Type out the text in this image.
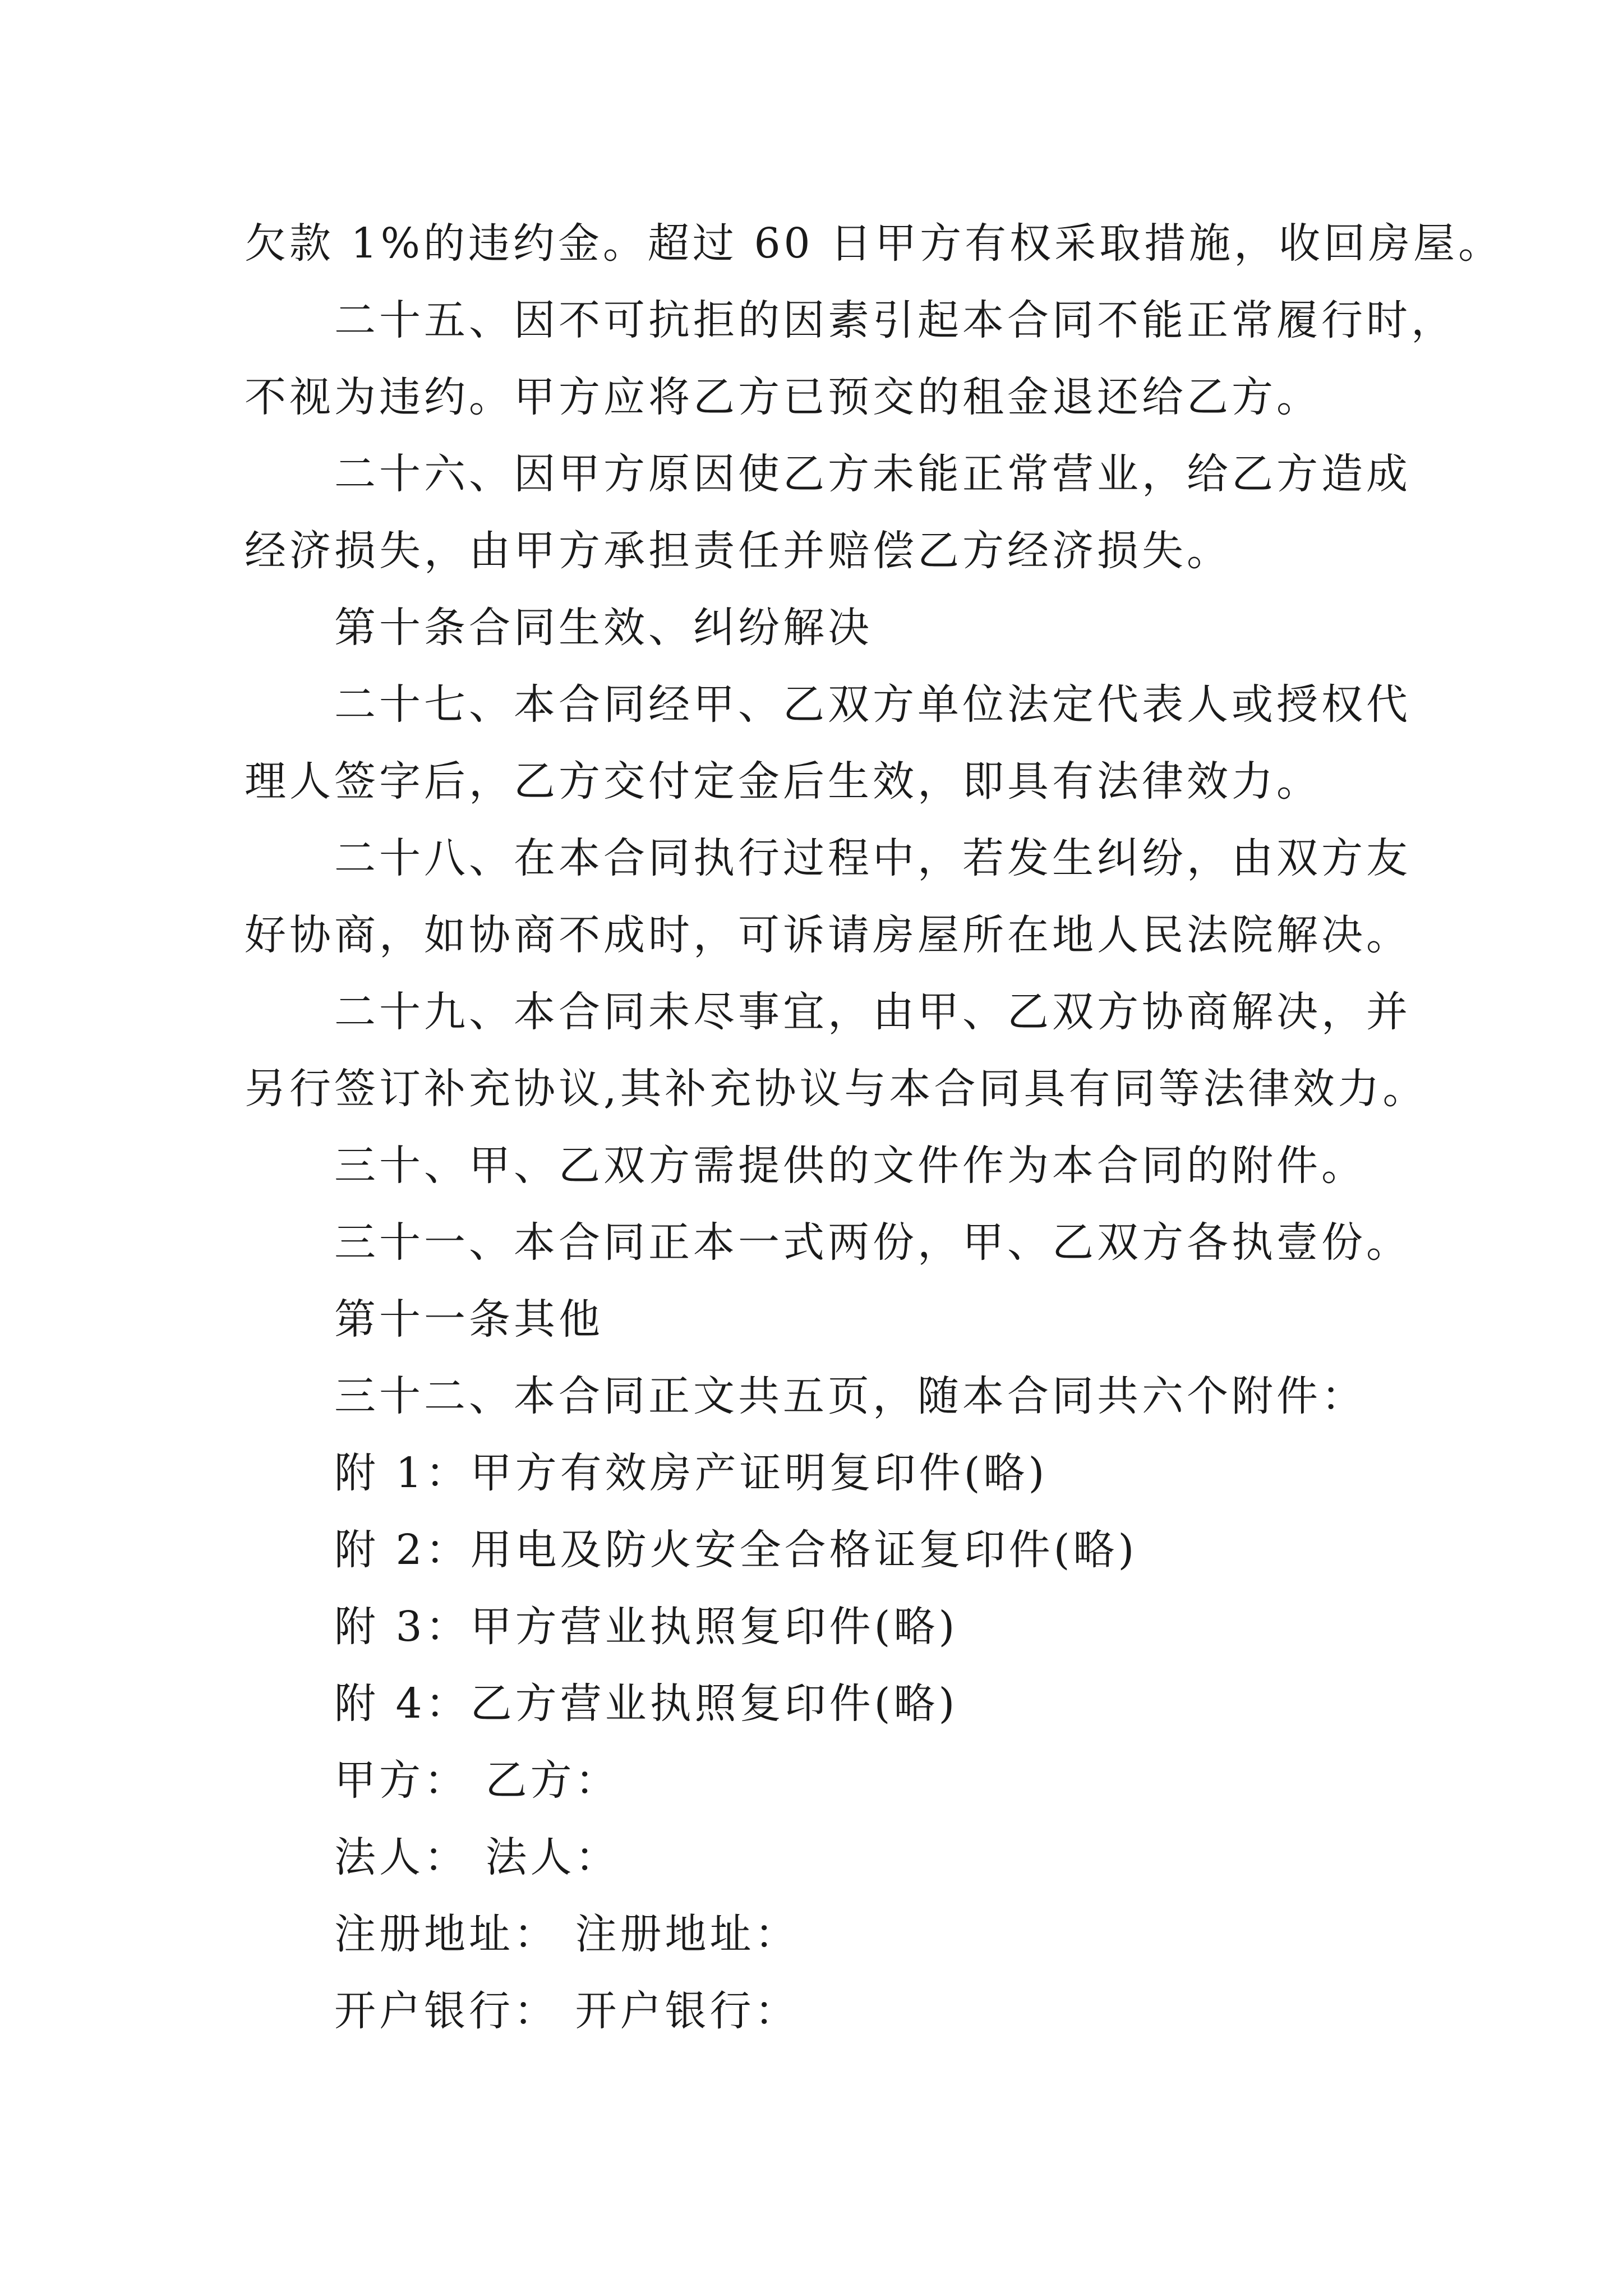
欠款 1%的违约金。超过 60 日甲方有权采取措施，收回房屋。
二十五、因不可抗拒的因素引起本合同不能正常履行时，
不视为违约。甲方应将乙方已预交的租金退还给乙方。
二十六、因甲方原因使乙方未能正常营业，给乙方造成
经济损失，由甲方承担责任并赔偿乙方经济损失。
第十条合同生效、纠纷解决
二十七、本合同经甲、乙双方单位法定代表人或授权代
理人签字后，乙方交付定金后生效，即具有法律效力。
二十八、在本合同执行过程中，若发生纠纷，由双方友
好协商，如协商不成时，可诉请房屋所在地人民法院解决。
二十九、本合同未尽事宜，由甲、乙双方协商解决，并
另行签订补充协议,其补充协议与本合同具有同等法律效力。
三十、甲、乙双方需提供的文件作为本合同的附件。
三十一、本合同正本一式两份，甲、乙双方各执壹份。
第十一条其他
三十二、本合同正文共五页，随本合同共六个附件：
附 1：甲方有效房产证明复印件(略)
附 2：用电及防火安全合格证复印件(略)
附 3：甲方营业执照复印件(略)
附 4：乙方营业执照复印件(略)
甲方： 乙方：
法人： 法人：
注册地址： 注册地址：
开户银行： 开户银行：
